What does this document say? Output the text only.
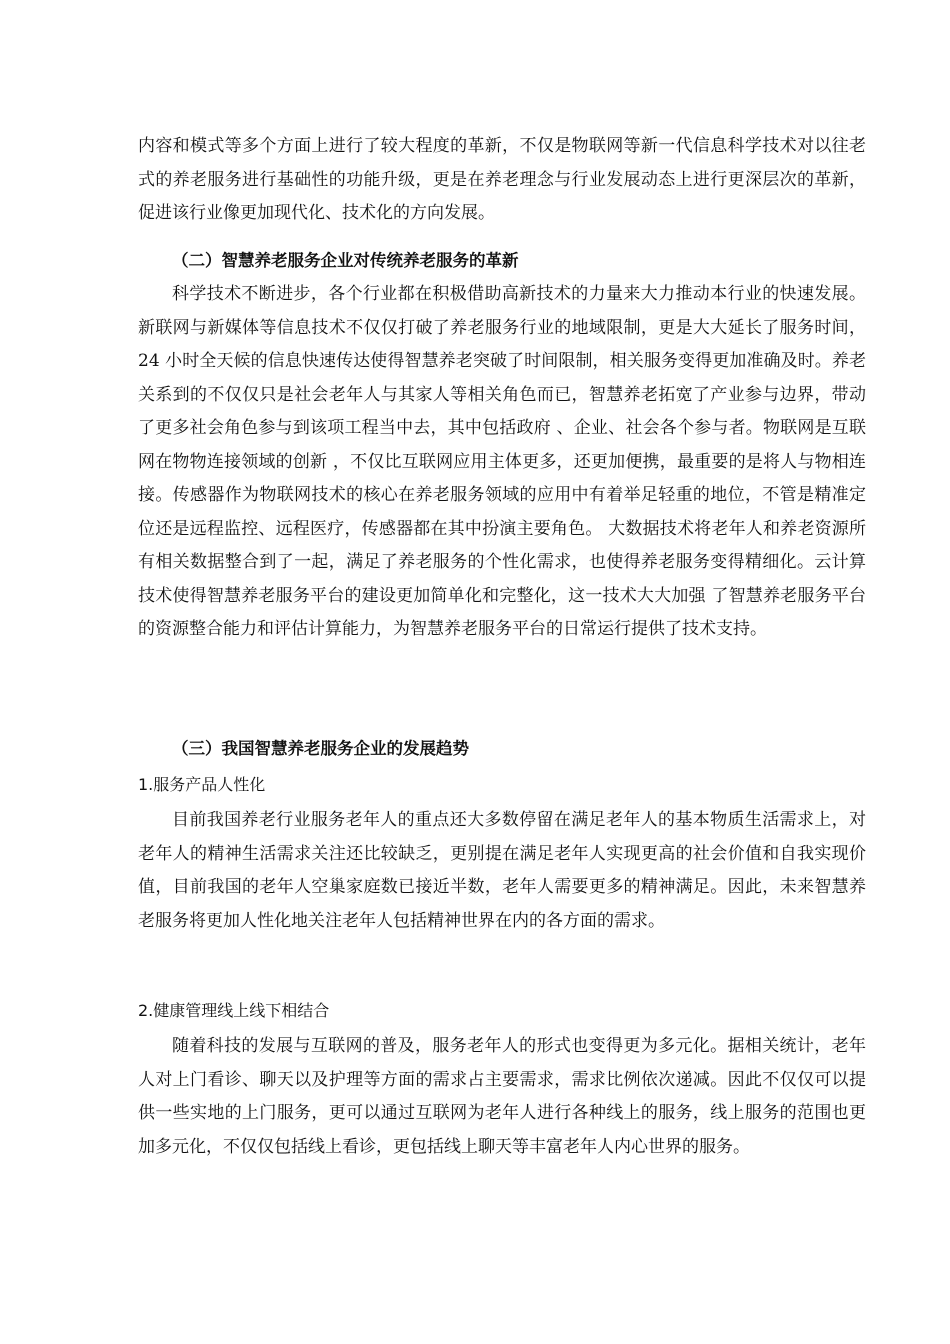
内容和模式等多个方面上进行了较大程度的革新，不仅是物联网等新一代信息科学技术对以往老式的养老服务进行基础性的功能升级，更是在养老理念与行业发展动态上进行更深层次的革新，促进该行业像更加现代化、技术化的方向发展。

（二）智慧养老服务企业对传统养老服务的革新

科学技术不断进步，各个行业都在积极借助高新技术的力量来大力推动本行业的快速发展。新联网与新媒体等信息技术不仅仅打破了养老服务行业的地域限制，更是大大延长了服务时间，24 小时全天候的信息快速传达使得智慧养老突破了时间限制，相关服务变得更加准确及时。养老关系到的不仅仅只是社会老年人与其家人等相关角色而已，智慧养老拓宽了产业参与边界，带动了更多社会角色参与到该项工程当中去，其中包括政府 、企业、社会各个参与者。物联网是互联网在物物连接领域的创新 ，不仅比互联网应用主体更多，还更加便携，最重要的是将人与物相连接。传感器作为物联网技术的核心在养老服务领域的应用中有着举足轻重的地位，不管是精准定位还是远程监控、远程医疗，传感器都在其中扮演主要角色。 大数据技术将老年人和养老资源所有相关数据整合到了一起，满足了养老服务的个性化需求，也使得养老服务变得精细化。云计算技术使得智慧养老服务平台的建设更加简单化和完整化，这一技术大大加强 了智慧养老服务平台的资源整合能力和评估计算能力，为智慧养老服务平台的日常运行提供了技术支持。

（三）我国智慧养老服务企业的发展趋势

1.服务产品人性化

目前我国养老行业服务老年人的重点还大多数停留在满足老年人的基本物质生活需求上，对老年人的精神生活需求关注还比较缺乏，更别提在满足老年人实现更高的社会价值和自我实现价值，目前我国的老年人空巢家庭数已接近半数，老年人需要更多的精神满足。因此，未来智慧养老服务将更加人性化地关注老年人包括精神世界在内的各方面的需求。

2.健康管理线上线下相结合

随着科技的发展与互联网的普及，服务老年人的形式也变得更为多元化。据相关统计，老年人对上门看诊、聊天以及护理等方面的需求占主要需求，需求比例依次递减。因此不仅仅可以提供一些实地的上门服务，更可以通过互联网为老年人进行各种线上的服务，线上服务的范围也更加多元化，不仅仅包括线上看诊，更包括线上聊天等丰富老年人内心世界的服务。
